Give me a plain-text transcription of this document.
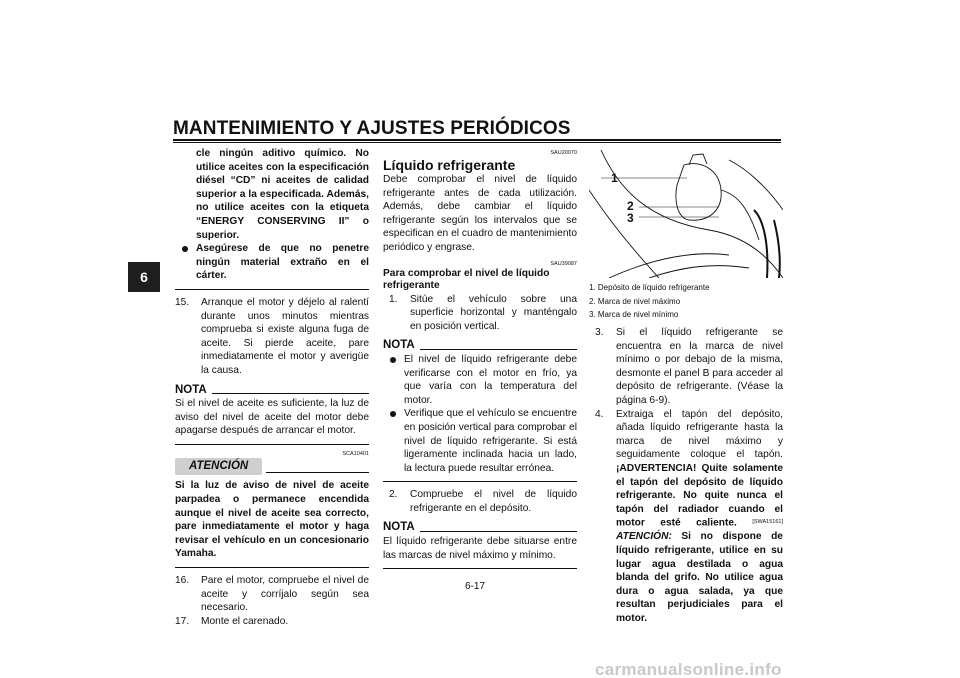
MANTENIMIENTO Y AJUSTES PERIÓDICOS
6

cle ningún aditivo químico. No utilice aceites con la especificación diésel “CD” ni aceites de calidad superior a la especificada. Además, no utilice aceites con la etiqueta “ENERGY CONSERVING II” o superior.

Asegúrese de que no penetre ningún material extraño en el cárter.

15. Arranque el motor y déjelo al ralentí durante unos minutos mientras comprueba si existe alguna fuga de aceite. Si pierde aceite, pare inmediatamente el motor y averigüe la causa.
NOTA

Si el nivel de aceite es suficiente, la luz de aviso del nivel de aceite del motor debe apagarse después de arrancar el motor.

SCA10401
ATENCIÓN

Si la luz de aviso de nivel de aceite parpadea o permanece encendida aunque el nivel de aceite sea correcto, pare inmediatamente el motor y haga revisar el vehículo en un concesionario Yamaha.

16. Pare el motor, compruebe el nivel de aceite y corríjalo según sea necesario.
17. Monte el carenado.
SAU20070
Líquido refrigerante

Debe comprobar el nivel de líquido refrigerante antes de cada utilización. Además, debe cambiar el líquido refrigerante según los intervalos que se especifican en el cuadro de mantenimiento periódico y engrase.

SAU39087
Para comprobar el nivel de líquido refrigerante
1. Sitúe el vehículo sobre una superficie horizontal y manténgalo en posición vertical.
NOTA

El nivel de líquido refrigerante debe verificarse con el motor en frío, ya que varía con la temperatura del motor.

Verifique que el vehículo se encuentre en posición vertical para comprobar el nivel de líquido refrigerante. Si está ligeramente inclinada hacia un lado, la lectura puede resultar errónea.

2. Compruebe el nivel de líquido refrigerante en el depósito.
NOTA

El líquido refrigerante debe situarse entre las marcas de nivel máximo y mínimo.

1
2
3
1. Depósito de líquido refrigerante
2. Marca de nivel máximo
3. Marca de nivel mínimo
3. Si el líquido refrigerante se encuentra en la marca de nivel mínimo o por debajo de la misma, desmonte el panel B para acceder al depósito de refrigerante. (Véase la página 6-9).
4. Extraiga el tapón del depósito, añada líquido refrigerante hasta la marca de nivel máximo y seguidamente coloque el tapón. ¡ADVERTENCIA! Quite solamente el tapón del depósito de líquido refrigerante. No quite nunca el tapón del radiador cuando el motor esté caliente.	[SWA15161] ATENCIÓN: Si no dispone de líquido refrigerante, utilice en su lugar agua destilada o agua blanda del grifo. No utilice agua dura o agua salada, ya que resultan perjudiciales para el motor.
6-17
carmanualsonline.info
